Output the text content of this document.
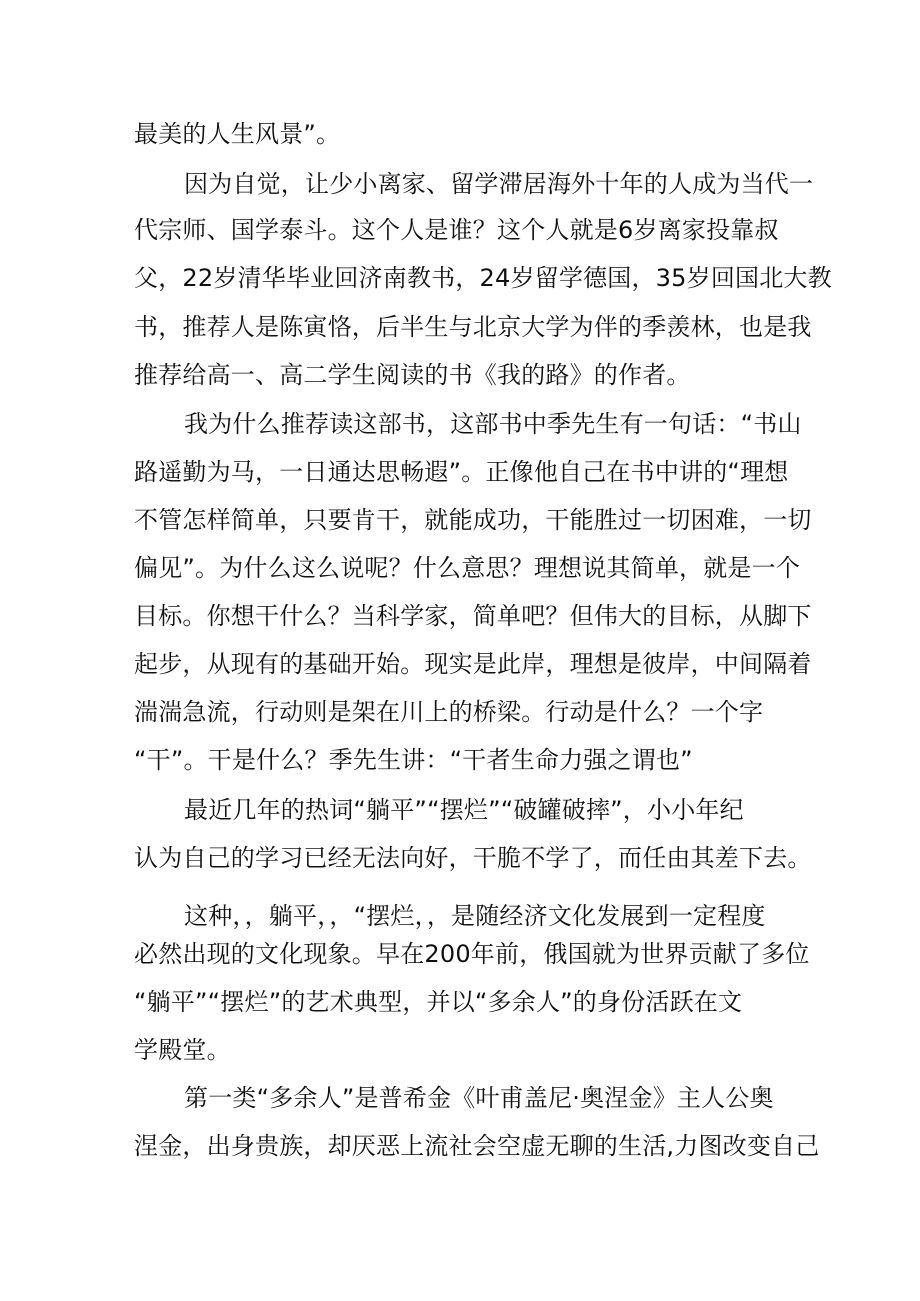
最美的人生风景”。
因为自觉，让少小离家、留学滞居海外十年的人成为当代一
代宗师、国学泰斗。这个人是谁？这个人就是6岁离家投靠叔
父，22岁清华毕业回济南教书，24岁留学德国，35岁回国北大教
书，推荐人是陈寅恪，后半生与北京大学为伴的季羡林，也是我
推荐给高一、高二学生阅读的书《我的路》的作者。
我为什么推荐读这部书，这部书中季先生有一句话：“书山
路遥勤为马，一日通达思畅遐”。正像他自己在书中讲的“理想
不管怎样简单，只要肯干，就能成功，干能胜过一切困难，一切
偏见”。为什么这么说呢？什么意思？理想说其简单，就是一个
目标。你想干什么？当科学家，简单吧？但伟大的目标，从脚下
起步，从现有的基础开始。现实是此岸，理想是彼岸，中间隔着
湍湍急流，行动则是架在川上的桥梁。行动是什么？一个字
“干”。干是什么？季先生讲：“干者生命力强之谓也”
最近几年的热词“躺平”“摆烂”“破罐破摔”，小小年纪
认为自己的学习已经无法向好，干脆不学了，而任由其差下去。
这种，，躺平，，“摆烂，，是随经济文化发展到一定程度
必然出现的文化现象。早在200年前，俄国就为世界贡献了多位
“躺平”“摆烂”的艺术典型，并以“多余人”的身份活跃在文
学殿堂。
第一类“多余人”是普希金《叶甫盖尼·奥涅金》主人公奥
涅金，出身贵族，却厌恶上流社会空虚无聊的生活,力图改变自己
